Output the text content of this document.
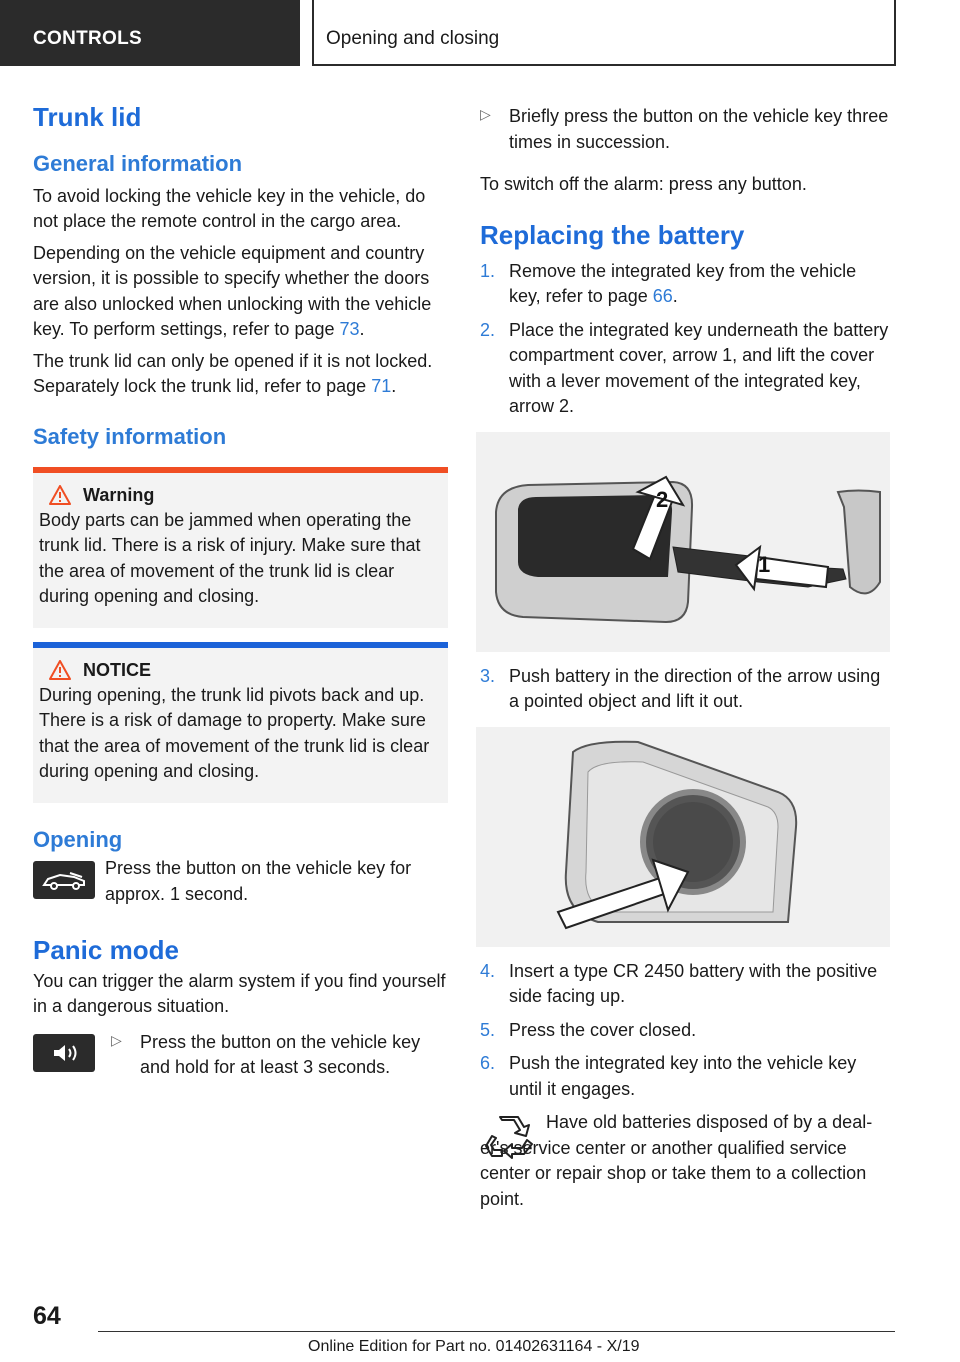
CONTROLS	Opening and closing
Trunk lid
General information

To avoid locking the vehicle key in the vehicle, do not place the remote control in the cargo area.

Depending on the vehicle equipment and country version, it is possible to specify whether the doors are also unlocked when unlocking with the vehicle key. To perform settings, refer to page 73.

The trunk lid can only be opened if it is not locked. Separately lock the trunk lid, refer to page 71.

Safety information
Warning

Body parts can be jammed when operating the trunk lid. There is a risk of injury. Make sure that the area of movement of the trunk lid is clear during opening and closing.

NOTICE

During opening, the trunk lid pivots back and up. There is a risk of damage to property. Make sure that the area of movement of the trunk lid is clear during opening and closing.

Opening

Press the button on the vehicle key for approx. 1 second.

Panic mode

You can trigger the alarm system if you find yourself in a dangerous situation.

▷	Press the button on the vehicle key and hold for at least 3 seconds.

▷	Briefly press the button on the vehicle key three times in succession.

To switch off the alarm: press any button.

Replacing the battery
1. Remove the integrated key from the vehicle key, refer to page 66.

2. Place the integrated key underneath the battery compartment cover, arrow 1, and lift the cover with a lever movement of the integrated key, arrow 2.

2
1
3. Push battery in the direction of the arrow using a pointed object and lift it out.

4. Insert a type CR 2450 battery with the positive side facing up.

5. Press the cover closed.

6. Push the integrated key into the vehicle key until it engages.

Have old batteries disposed of by a dealer's service center or another qualified service center or repair shop or take them to a collection point.

64
Online Edition for Part no. 01402631164 - X/19
